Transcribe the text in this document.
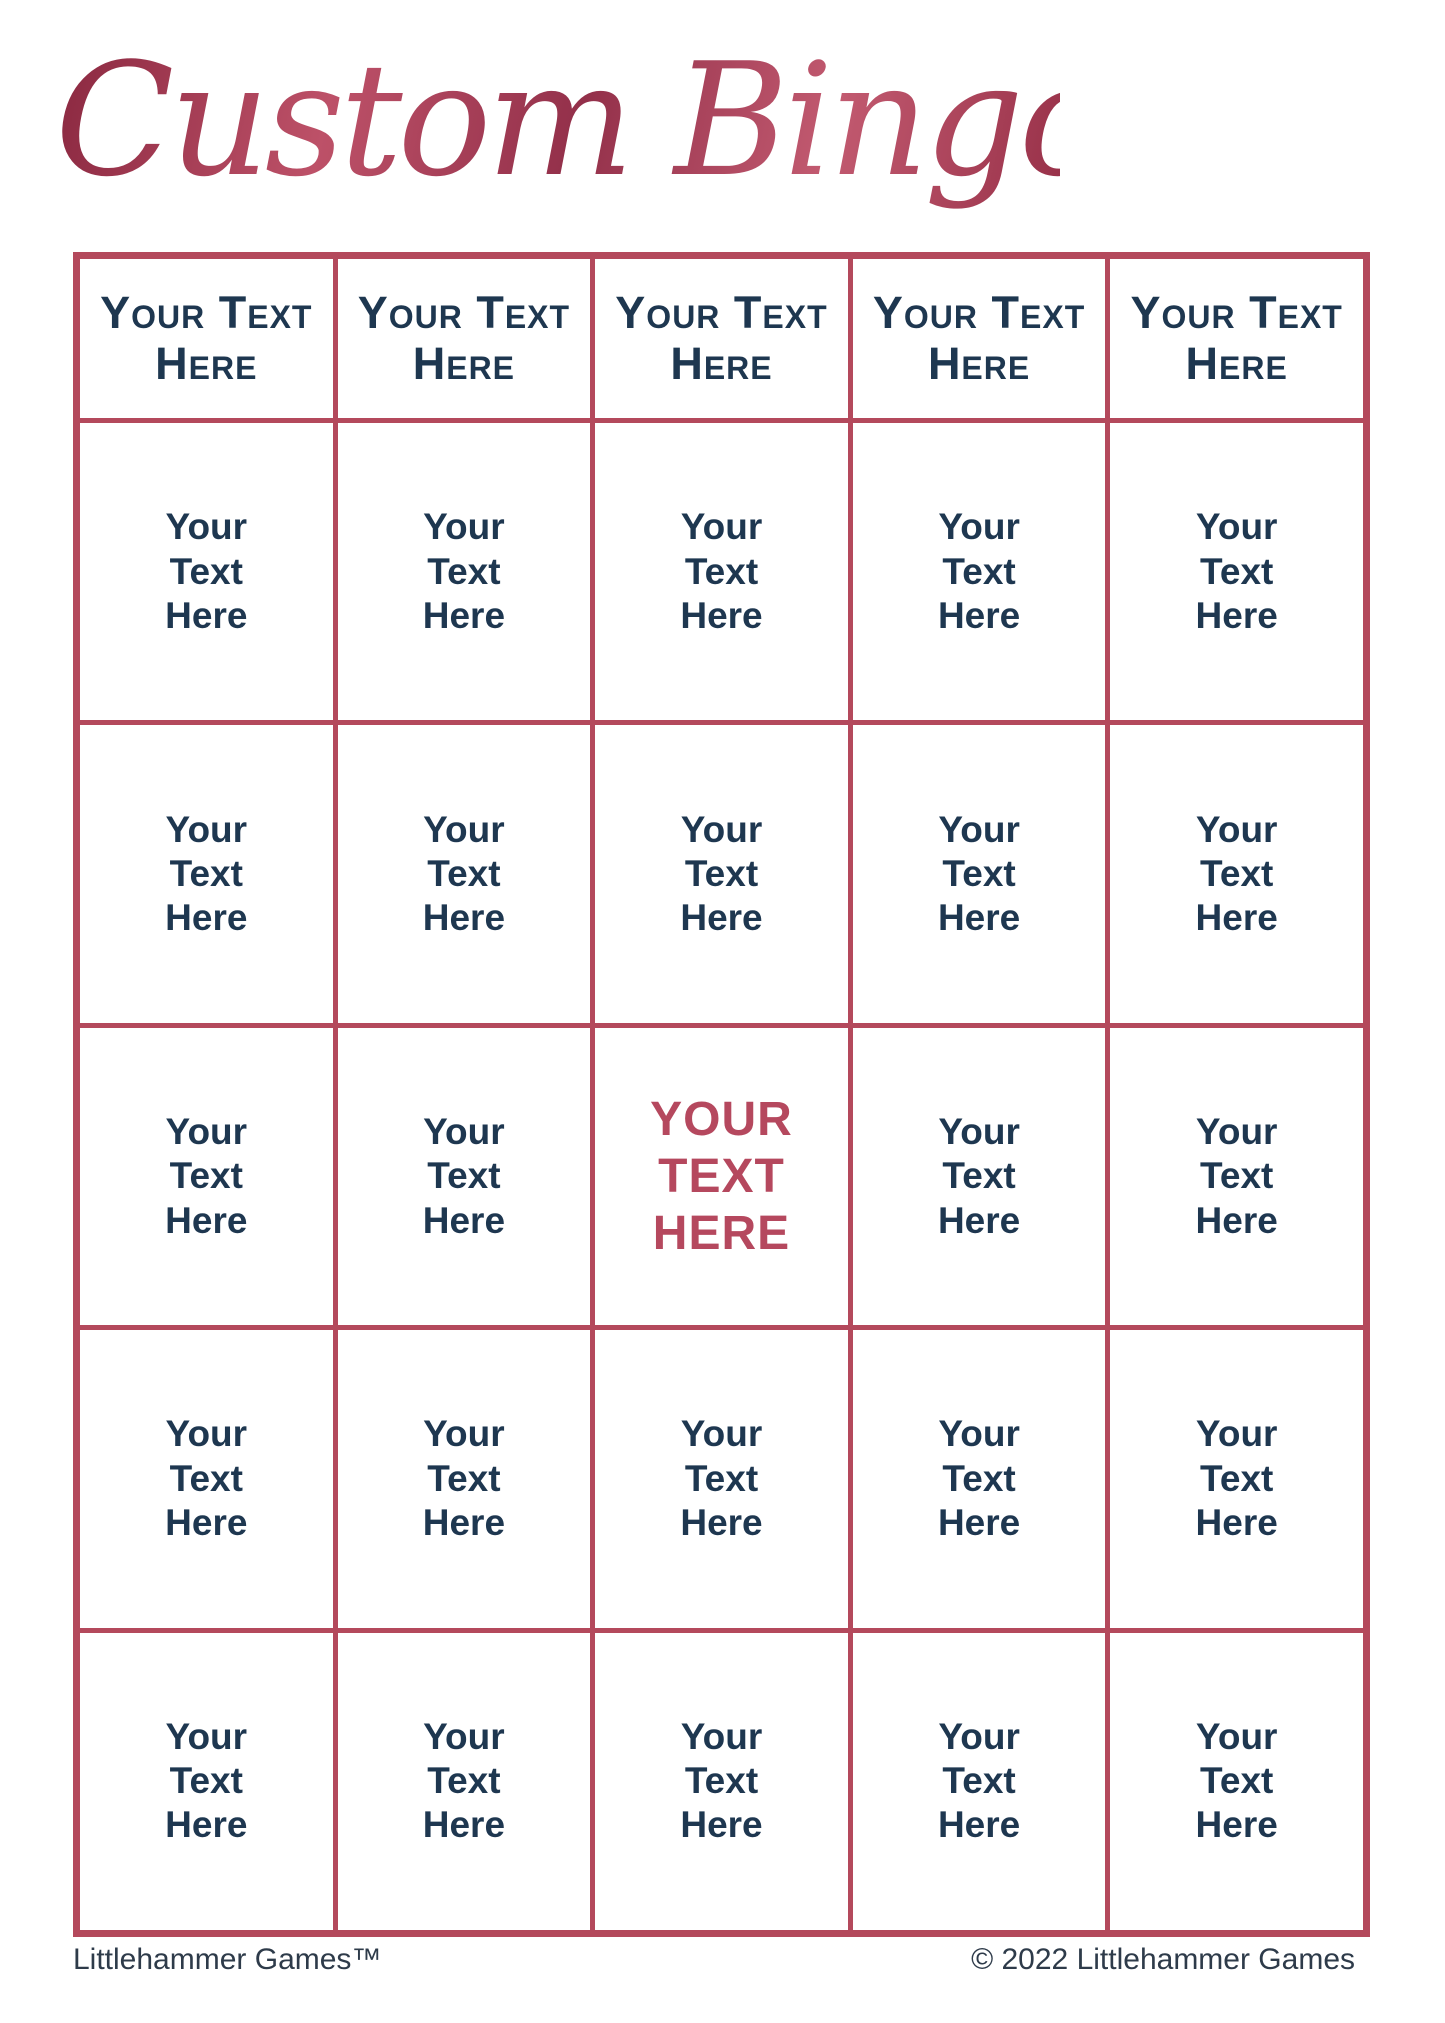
Custom Bingo
Your Text Here
Your Text Here
Your Text Here
Your Text Here
Your Text Here
Your Text Here
Your Text Here
Your Text Here
Your Text Here
Your Text Here
Your Text Here
Your Text Here
Your Text Here
Your Text Here
Your Text Here
Your Text Here
Your Text Here
YOUR TEXT HERE
Your Text Here
Your Text Here
Your Text Here
Your Text Here
Your Text Here
Your Text Here
Your Text Here
Your Text Here
Your Text Here
Your Text Here
Your Text Here
Your Text Here
Littlehammer Games™	© 2022 Littlehammer Games
